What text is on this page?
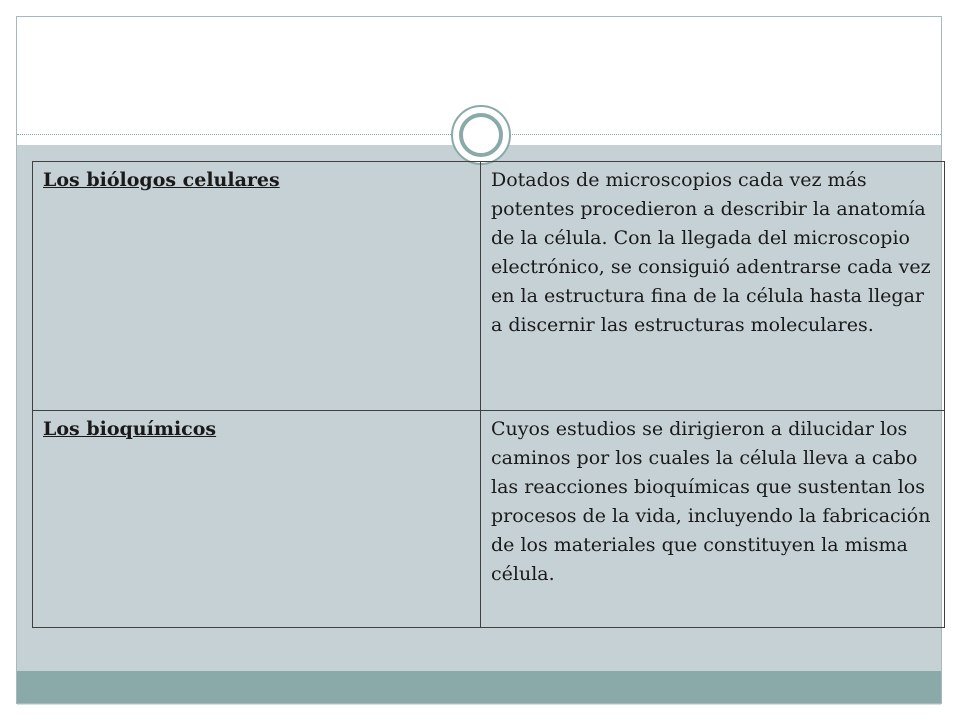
Los biólogos celulares	Dotados de microscopios cada vez más potentes procedieron a describir la anatomía de la célula. Con la llegada del microscopio electrónico, se consiguió adentrarse cada vez en la estructura fina de la célula hasta llegar a discernir las estructuras moleculares.
Los bioquímicos	Cuyos estudios se dirigieron a dilucidar los caminos por los cuales la célula lleva a cabo las reacciones bioquímicas que sustentan los procesos de la vida, incluyendo la fabricación de los materiales que constituyen la misma célula.
